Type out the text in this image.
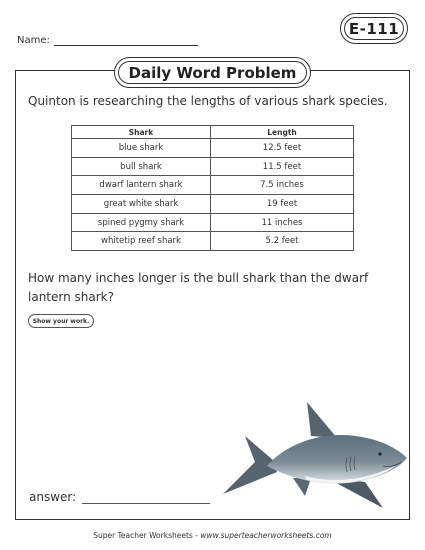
Name:
E-111
Daily Word Problem
Quinton is researching the lengths of various shark species.
Shark	Length
blue shark	12.5 feet
bull shark	11.5 feet
dwarf lantern shark	7.5 inches
great white shark	19 feet
spined pygmy shark	11 inches
whitetip reef shark	5.2 feet
How many inches longer is the bull shark than the dwarf lantern shark?
Show your work.
answer:
Super Teacher Worksheets - www.superteacherworksheets.com
